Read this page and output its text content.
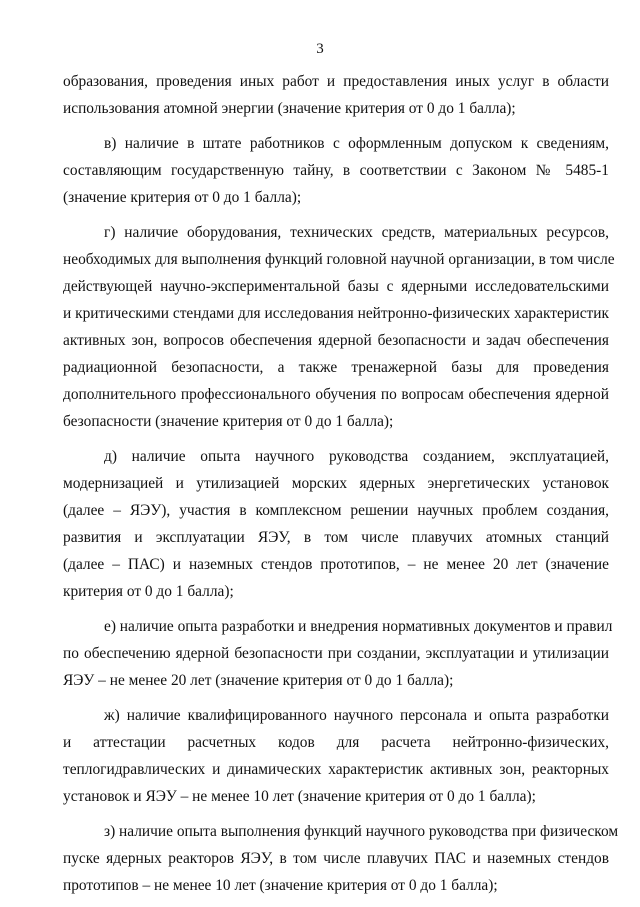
3

образования, проведения иных работ и предоставления иных услуг в области
использования атомной энергии (значение критерия от 0 до 1 балла);

в) наличие в штате работников с оформленным допуском к сведениям,
составляющим государственную тайну, в соответствии с Законом № 5485-1
(значение критерия от 0 до 1 балла);

г) наличие оборудования, технических средств, материальных ресурсов,
необходимых для выполнения функций головной научной организации, в том числе
действующей научно-экспериментальной базы с ядерными исследовательскими
и критическими стендами для исследования нейтронно-физических характеристик
активных зон, вопросов обеспечения ядерной безопасности и задач обеспечения
радиационной безопасности, а также тренажерной базы для проведения
дополнительного профессионального обучения по вопросам обеспечения ядерной
безопасности (значение критерия от 0 до 1 балла);

д) наличие опыта научного руководства созданием, эксплуатацией,
модернизацией и утилизацией морских ядерных энергетических установок
(далее – ЯЭУ), участия в комплексном решении научных проблем создания,
развития и эксплуатации ЯЭУ, в том числе плавучих атомных станций
(далее – ПАС) и наземных стендов прототипов, – не менее 20 лет (значение
критерия от 0 до 1 балла);

е) наличие опыта разработки и внедрения нормативных документов и правил
по обеспечению ядерной безопасности при создании, эксплуатации и утилизации
ЯЭУ – не менее 20 лет (значение критерия от 0 до 1 балла);

ж) наличие квалифицированного научного персонала и опыта разработки
и аттестации расчетных кодов для расчета нейтронно-физических,
теплогидравлических и динамических характеристик активных зон, реакторных
установок и ЯЭУ – не менее 10 лет (значение критерия от 0 до 1 балла);

з) наличие опыта выполнения функций научного руководства при физическом
пуске ядерных реакторов ЯЭУ, в том числе плавучих ПАС и наземных стендов
прототипов – не менее 10 лет (значение критерия от 0 до 1 балла);
